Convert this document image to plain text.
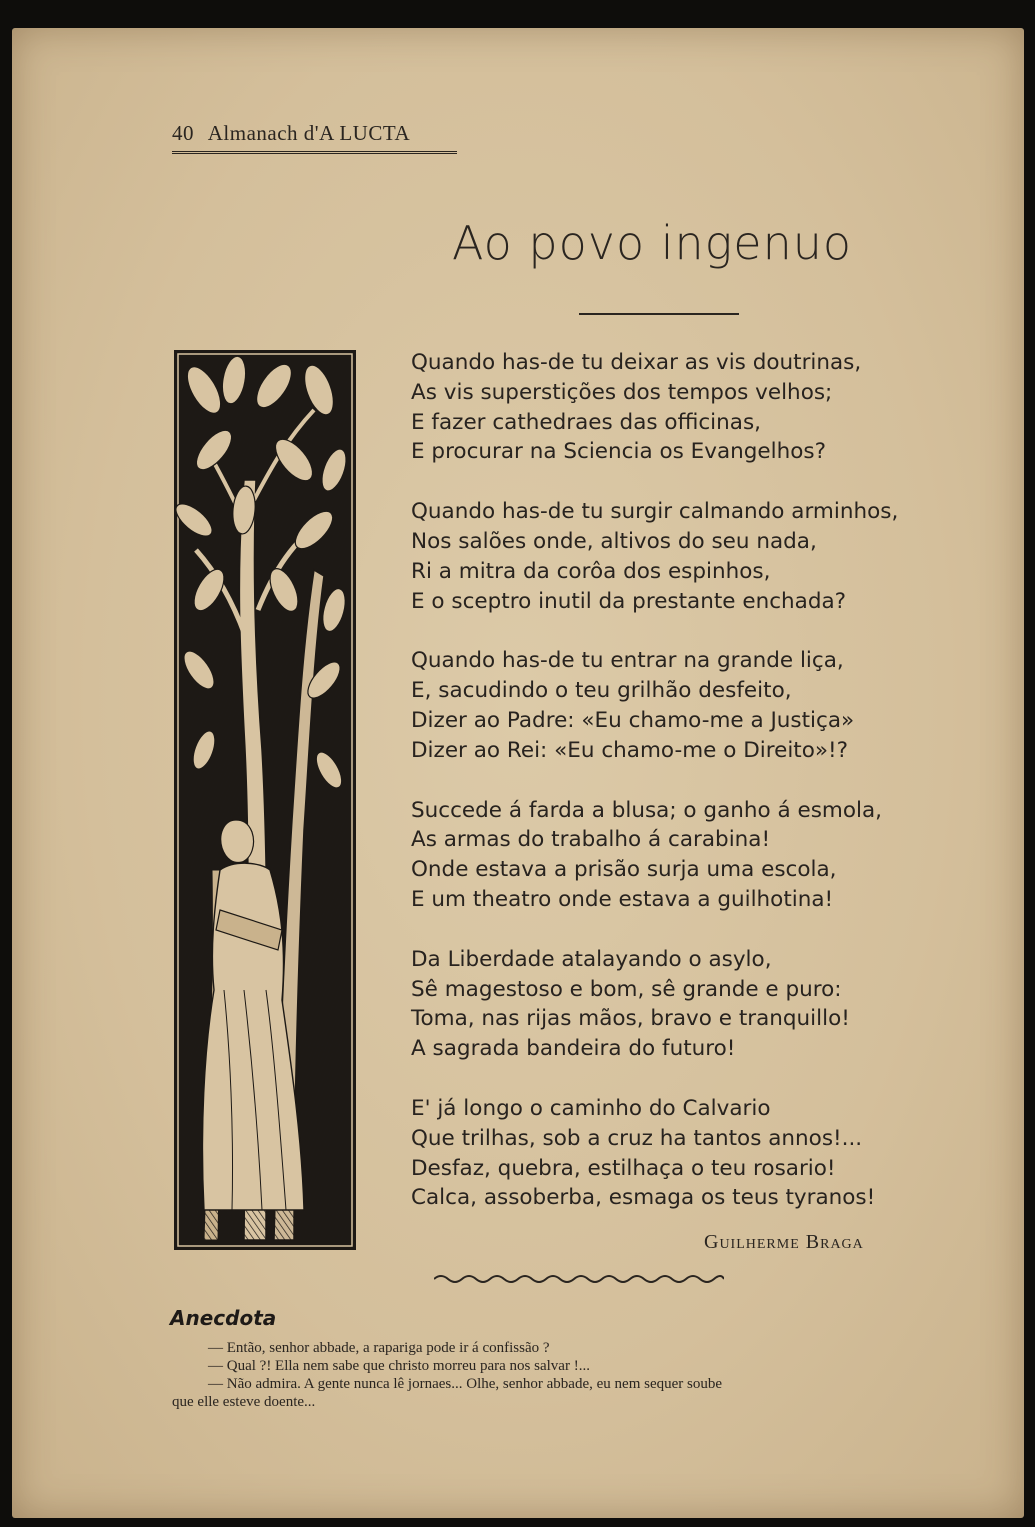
40 Almanach d'A LUCTA
Ao povo ingenuo
Quando has-de tu deixar as vis doutrinas,
As vis superstições dos tempos velhos;
E fazer cathedraes das officinas,
E procurar na Sciencia os Evangelhos?
Quando has-de tu surgir calmando arminhos,
Nos salões onde, altivos do seu nada,
Ri a mitra da corôa dos espinhos,
E o sceptro inutil da prestante enchada?
Quando has-de tu entrar na grande liça,
E, sacudindo o teu grilhão desfeito,
Dizer ao Padre: «Eu chamo-me a Justiça»
Dizer ao Rei: «Eu chamo-me o Direito»!?
Succede á farda a blusa; o ganho á esmola,
As armas do trabalho á carabina!
Onde estava a prisão surja uma escola,
E um theatro onde estava a guilhotina!
Da Liberdade atalayando o asylo,
Sê magestoso e bom, sê grande e puro:
Toma, nas rijas mãos, bravo e tranquillo!
A sagrada bandeira do futuro!
E' já longo o caminho do Calvario
Que trilhas, sob a cruz ha tantos annos!...
Desfaz, quebra, estilhaça o teu rosario!
Calca, assoberba, esmaga os teus tyranos!
Guilherme Braga
Anecdota
— Então, senhor abbade, a rapariga pode ir á confissão ?
— Qual ?! Ella nem sabe que christo morreu para nos salvar !...
— Não admira. A gente nunca lê jornaes... Olhe, senhor abbade, eu nem sequer soube
que elle esteve doente...
